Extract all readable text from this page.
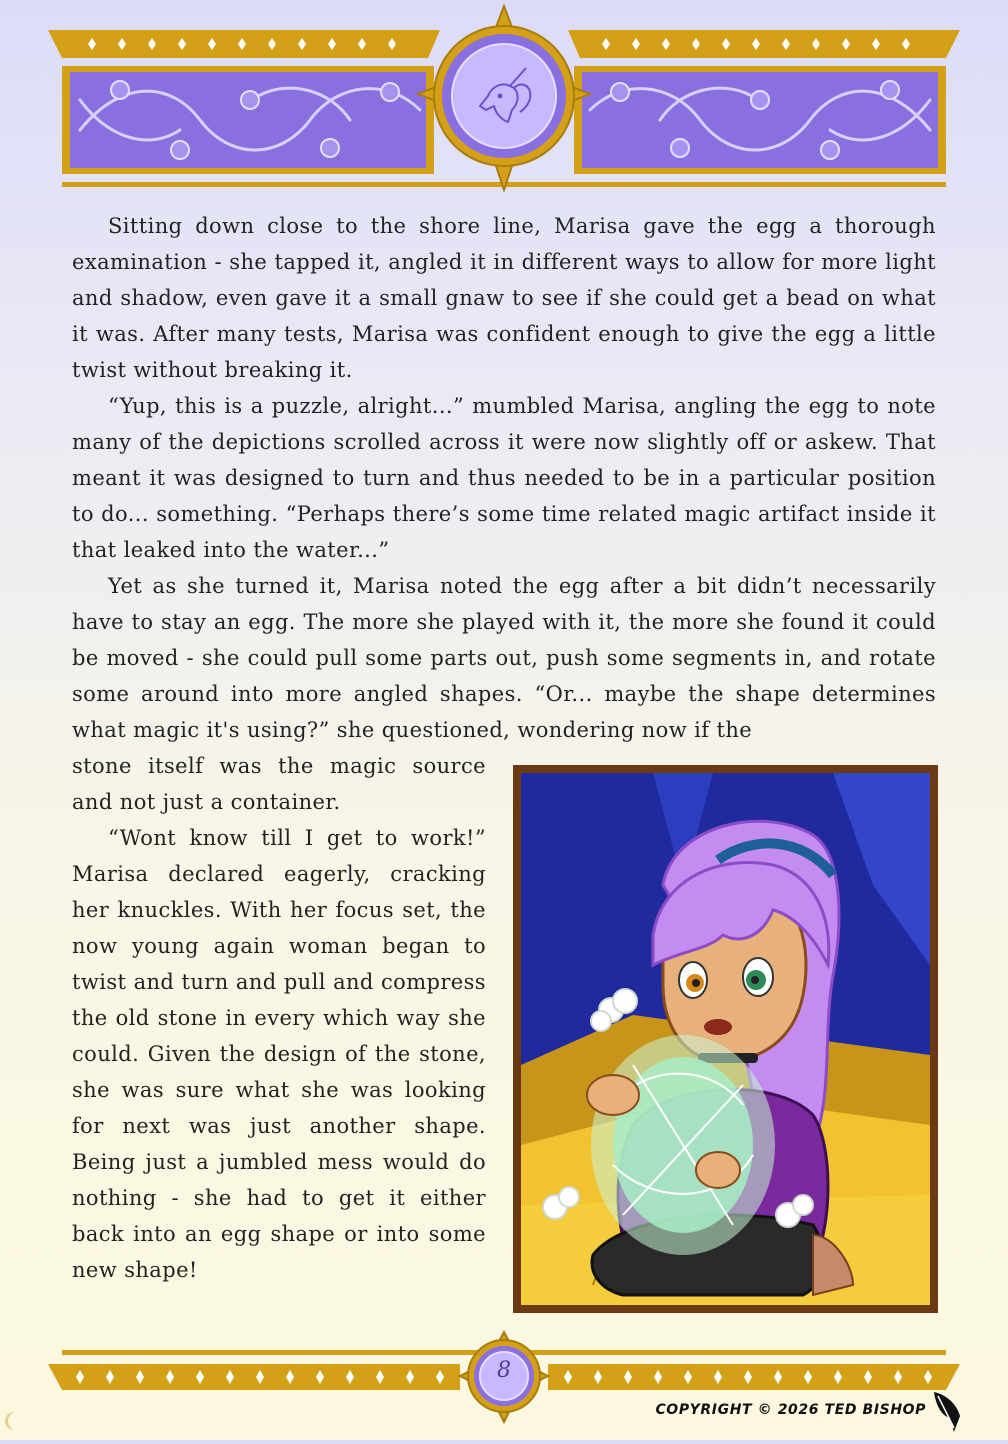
Sitting down close to the shore line, Marisa gave the egg a thorough examination - she tapped it, angled it in different ways to allow for more light and shadow, even gave it a small gnaw to see if she could get a bead on what it was. After many tests, Marisa was confident enough to give the egg a little twist without breaking it.

“Yup, this is a puzzle, alright...” mumbled Marisa, angling the egg to note many of the depictions scrolled across it were now slightly off or askew. That meant it was designed to turn and thus needed to be in a particular position to do... something. “Perhaps there’s some time related magic artifact inside it that leaked into the water...”

Yet as she turned it, Marisa noted the egg after a bit didn’t necessarily have to stay an egg. The more she played with it, the more she found it could be moved - she could pull some parts out, push some segments in, and rotate some around into more angled shapes. “Or... maybe the shape determines what magic it's using?” she questioned, wondering now if the

stone itself was the magic source and not just a container.

“Wont know till I get to work!” Marisa declared eagerly, cracking her knuckles. With her focus set, the now young again woman began to twist and turn and pull and compress the old stone in every which way she could. Given the design of the stone, she was sure what she was looking for next was just another shape. Being just a jumbled mess would do nothing - she had to get it either back into an egg shape or into some new shape!

8
COPYRIGHT © 2026 TED BISHOP
